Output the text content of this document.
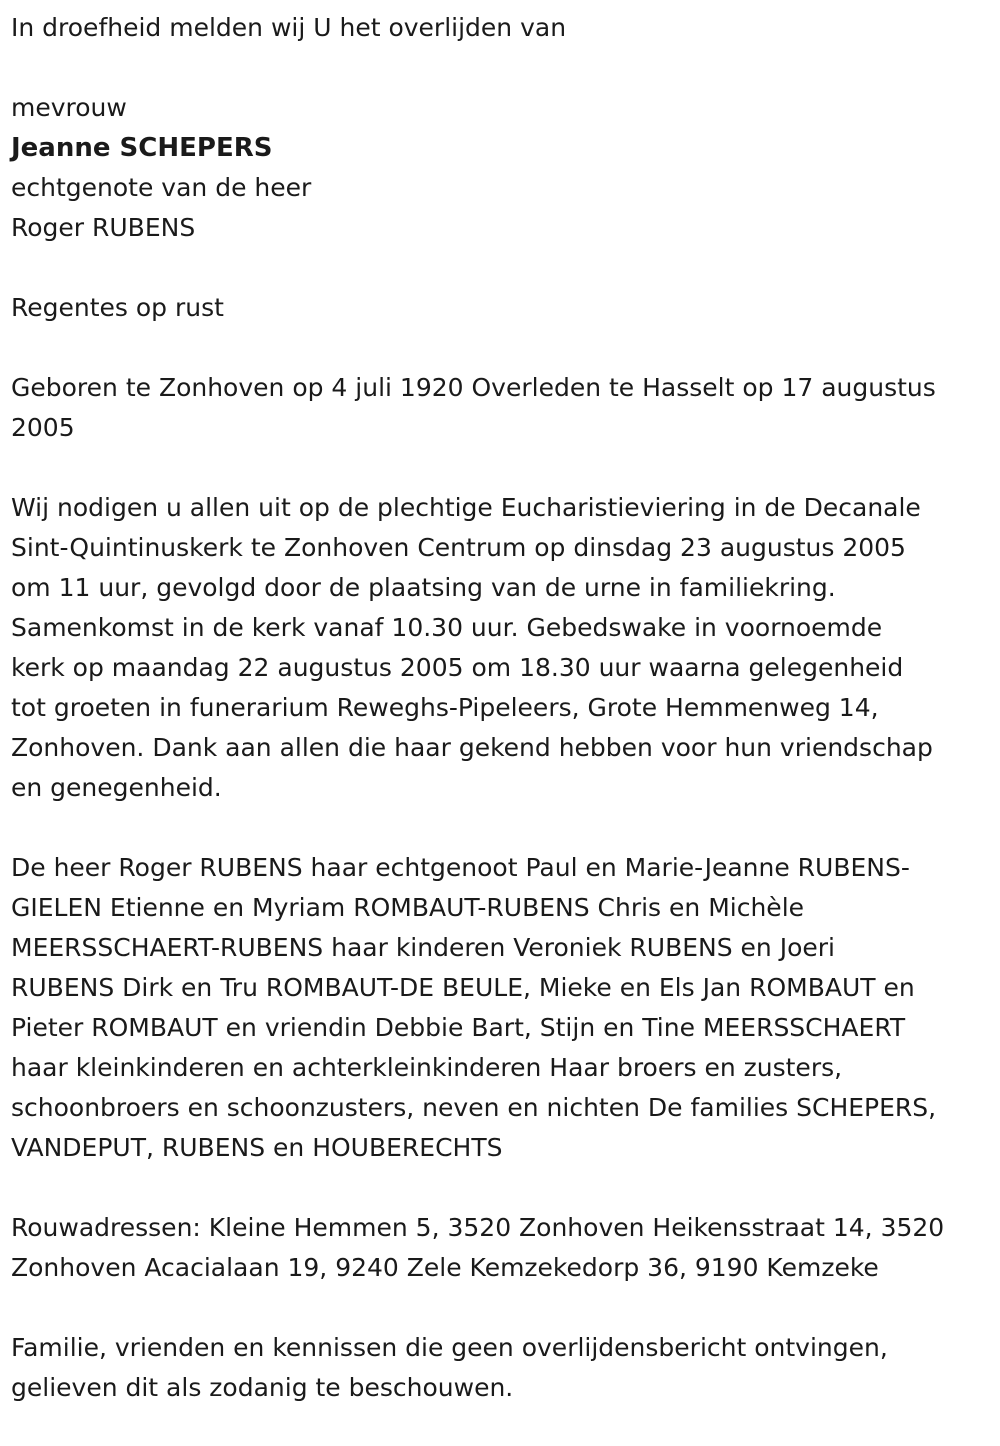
In droefheid melden wij U het overlijden van

mevrouw

Jeanne SCHEPERS

echtgenote van de heer

Roger RUBENS

Regentes op rust

Geboren te Zonhoven op 4 juli 1920 Overleden te Hasselt op 17 augustus
2005
Wij nodigen u allen uit op de plechtige Eucharistieviering in de Decanale
Sint-Quintinuskerk te Zonhoven Centrum op dinsdag 23 augustus 2005
om 11 uur, gevolgd door de plaatsing van de urne in familiekring.
Samenkomst in de kerk vanaf 10.30 uur. Gebedswake in voornoemde
kerk op maandag 22 augustus 2005 om 18.30 uur waarna gelegenheid
tot groeten in funerarium Reweghs-Pipeleers, Grote Hemmenweg 14,
Zonhoven. Dank aan allen die haar gekend hebben voor hun vriendschap
en genegenheid.
De heer Roger RUBENS haar echtgenoot Paul en Marie-Jeanne RUBENS-
GIELEN Etienne en Myriam ROMBAUT-RUBENS Chris en Michèle
MEERSSCHAERT-RUBENS haar kinderen Veroniek RUBENS en Joeri
RUBENS Dirk en Tru ROMBAUT-DE BEULE, Mieke en Els Jan ROMBAUT en
Pieter ROMBAUT en vriendin Debbie Bart, Stijn en Tine MEERSSCHAERT
haar kleinkinderen en achterkleinkinderen Haar broers en zusters,
schoonbroers en schoonzusters, neven en nichten De families SCHEPERS,
VANDEPUT, RUBENS en HOUBERECHTS
Rouwadressen: Kleine Hemmen 5, 3520 Zonhoven Heikensstraat 14, 3520
Zonhoven Acacialaan 19, 9240 Zele Kemzekedorp 36, 9190 Kemzeke
Familie, vrienden en kennissen die geen overlijdensbericht ontvingen,
gelieven dit als zodanig te beschouwen.
